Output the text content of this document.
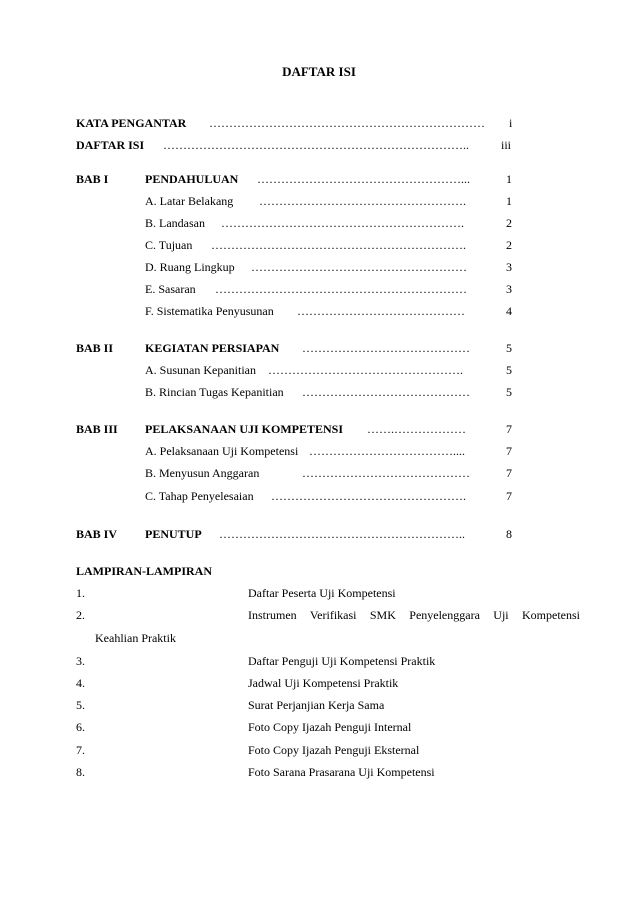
DAFTAR ISI
KATA PENGANTAR …………………………………………………………… i
DAFTAR ISI …………………………………………………………………..	iii
BAB I	PENDAHULUAN ……………………………………………...	1
A. Latar Belakang …………………………………………….	1
B. Landasan …………………………………………………….	2
C. Tujuan ……………………………………………………….	2
D. Ruang Lingkup ………………………………………………	3
E. Sasaran ………………………………………………………	3
F. Sistematika Penyusunan ……………………………………	4
BAB II	KEGIATAN PERSIAPAN ……………………………………	5
A. Susunan Kepanitian ………………………………………….	5
B. Rincian Tugas Kepanitian ……………………………………	5
BAB III PELAKSANAAN UJI KOMPETENSI …….………………	7
A. Pelaksanaan Uji Kompetensi ………………………………....	7
B. Menyusun Anggaran	……………………………………	7
C. Tahap Penyelesaian ………………………………………….	7
BAB IV PENUTUP ……………………………………………………..	8
LAMPIRAN-LAMPIRAN
1.	Daftar Peserta Uji Kompetensi
2.	Instrumen Verifikasi SMK Penyelenggara Uji Kompetensi
Keahlian Praktik
3.	Daftar Penguji Uji Kompetensi Praktik
4.	Jadwal Uji Kompetensi Praktik
5.	Surat Perjanjian Kerja Sama
6.	Foto Copy Ijazah Penguji Internal
7.	Foto Copy Ijazah Penguji Eksternal
8.	Foto Sarana Prasarana Uji Kompetensi
